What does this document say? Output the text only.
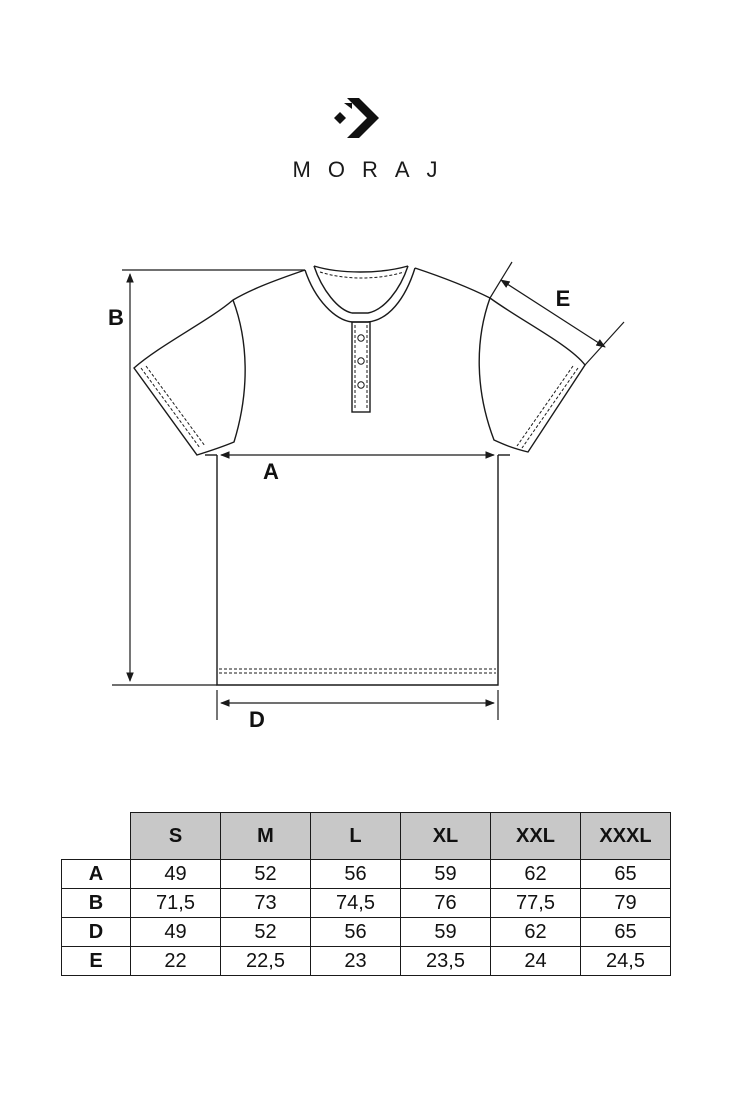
MORAJ
B
A
D
E
	S	M	L	XL	XXL	XXXL
A	49	52	56	59	62	65
B	71,5	73	74,5	76	77,5	79
D	49	52	56	59	62	65
E	22	22,5	23	23,5	24	24,5
